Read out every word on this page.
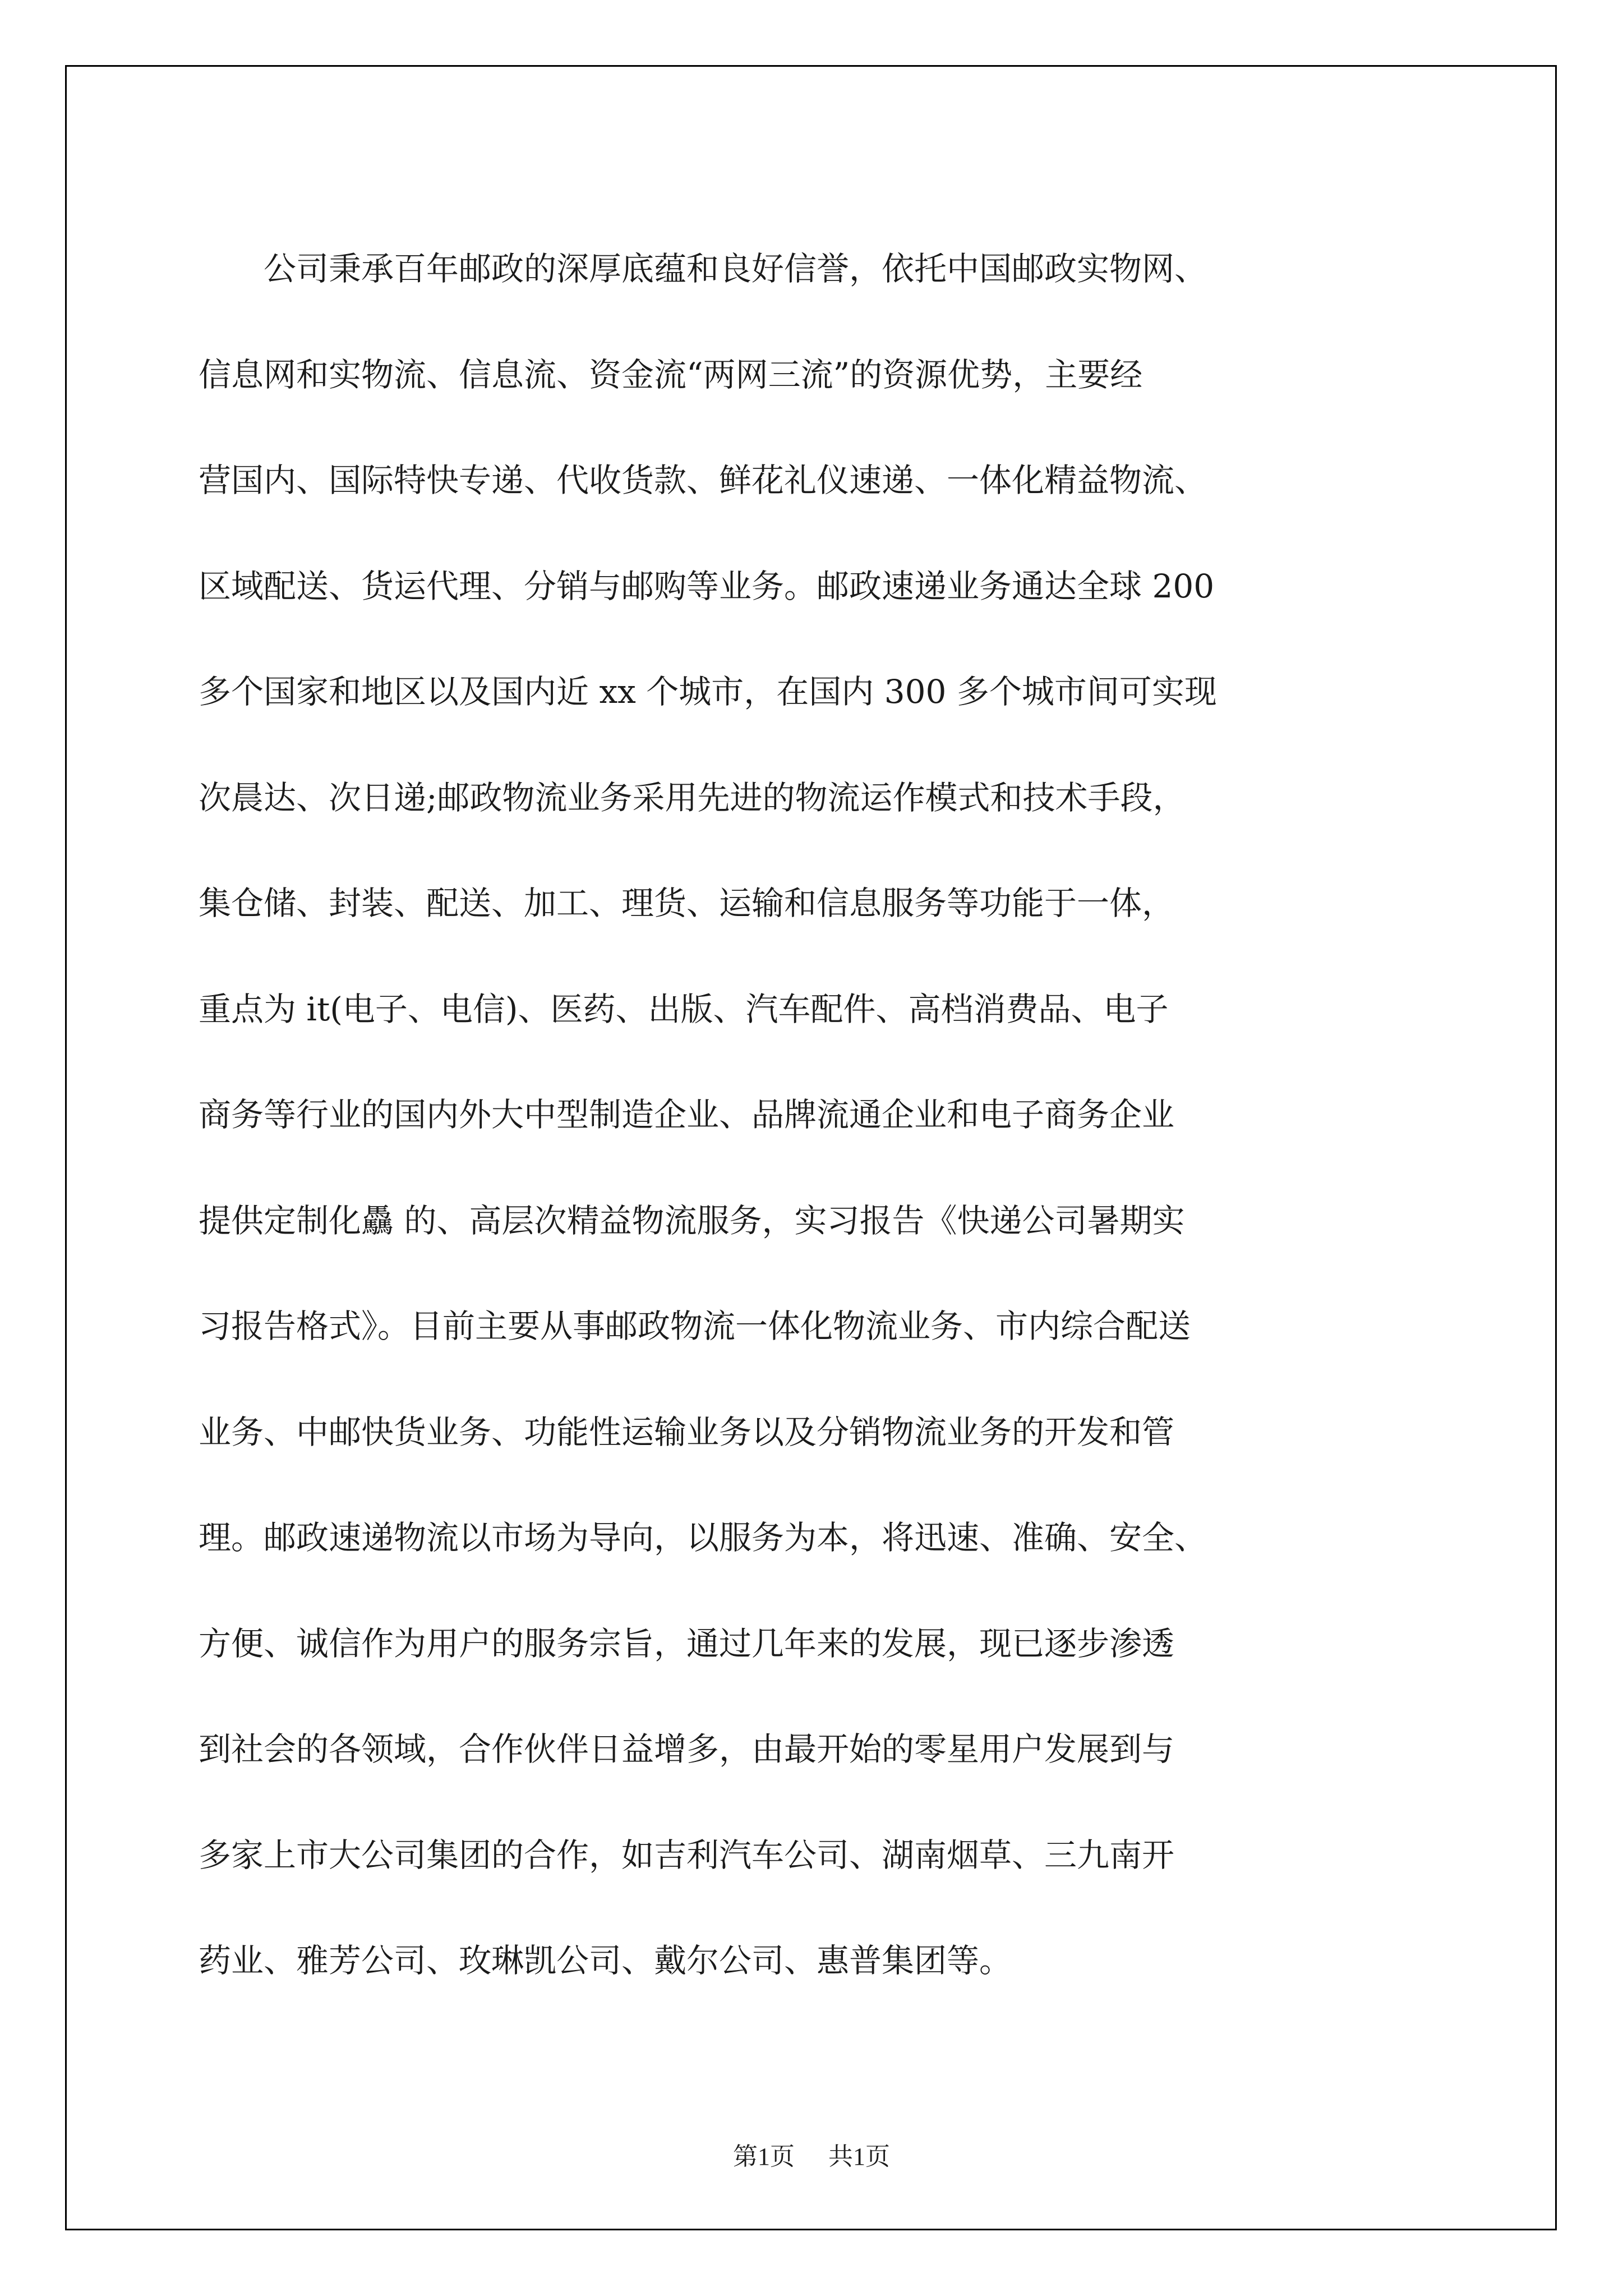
公司秉承百年邮政的深厚底蕴和良好信誉，依托中国邮政实物网、
信息网和实物流、信息流、资金流“两网三流”的资源优势，主要经
营国内、国际特快专递、代收货款、鲜花礼仪速递、一体化精益物流、
区域配送、货运代理、分销与邮购等业务。邮政速递业务通达全球 200
多个国家和地区以及国内近 xx 个城市，在国内 300 多个城市间可实现
次晨达、次日递;邮政物流业务采用先进的物流运作模式和技术手段，
集仓储、封装、配送、加工、理货、运输和信息服务等功能于一体，
重点为 it(电子、电信)、医药、出版、汽车配件、高档消费品、电子
商务等行业的国内外大中型制造企业、品牌流通企业和电子商务企业
提供定制化驫 的、高层次精益物流服务，实习报告《快递公司暑期实
习报告格式》。目前主要从事邮政物流一体化物流业务、市内综合配送
业务、中邮快货业务、功能性运输业务以及分销物流业务的开发和管
理。邮政速递物流以市场为导向，以服务为本，将迅速、准确、安全、
方便、诚信作为用户的服务宗旨，通过几年来的发展，现已逐步渗透
到社会的各领域，合作伙伴日益增多，由最开始的零星用户发展到与
多家上市大公司集团的合作，如吉利汽车公司、湖南烟草、三九南开
药业、雅芳公司、玫琳凯公司、戴尔公司、惠普集团等。
第1页 共1页
